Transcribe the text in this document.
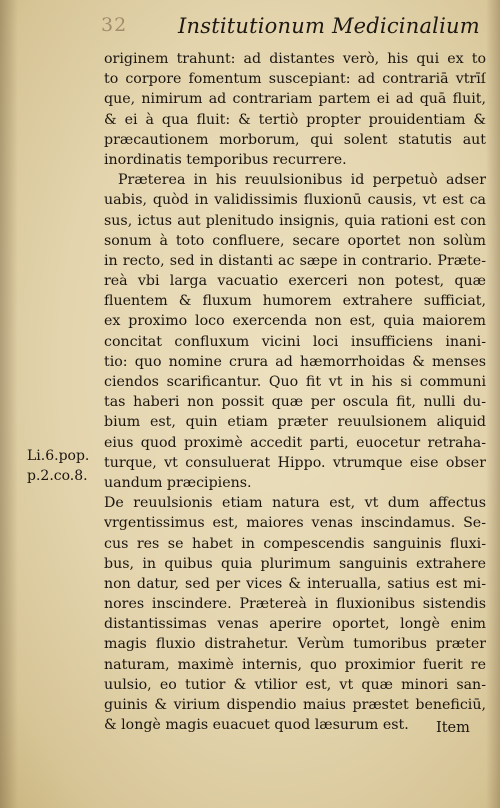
32 Institutionum Medicinalium
originem trahunt: ad distantes verò, his qui ex to
to corpore fomentum suscepiant: ad contrariā vtrīſ
que, nimirum ad contrariam partem ei ad quā fluit,
& ei à qua fluit: & tertiò propter prouidentiam &
præcautionem morborum, qui solent statutis aut
inordinatis temporibus recurrere.
Præterea in his reuulsionibus id perpetuò adser
uabis, quòd in validissimis fluxionū causis, vt est ca
sus, ictus aut plenitudo insignis, quia rationi est con
sonum à toto confluere, secare oportet non solùm
in recto, sed in distanti ac sæpe in contrario. Præte-
reà vbi larga vacuatio exerceri non potest, quæ
fluentem & fluxum humorem extrahere sufficiat,
ex proximo loco exercenda non est, quia maiorem
concitat confluxum vicini loci insufficiens inani-
tio: quo nomine crura ad hæmorrhoidas & menses
ciendos scarificantur. Quo fit vt in his si communi
tas haberi non possit quæ per oscula fit, nulli du-
bium est, quin etiam præter reuulsionem aliquid
eius quod proximè accedit parti, euocetur retraha-
turque, vt consuluerat Hippo. vtrumque eise obser
uandum præcipiens.
De reuulsionis etiam natura est, vt dum affectus
vrgentissimus est, maiores venas inscindamus. Se-
cus res se habet in compescendis sanguinis fluxi-
bus, in quibus quia plurimum sanguinis extrahere
non datur, sed per vices & interualla, satius est mi-
nores inscindere. Prætereà in fluxionibus sistendis
distantissimas venas aperire oportet, longè enim
magis fluxio distrahetur. Verùm tumoribus præter
naturam, maximè internis, quo proximior fuerit re
uulsio, eo tutior & vtilior est, vt quæ minori san-
guinis & virium dispendio maius præstet beneficiū,
& longè magis euacuet quod læsurum est.
Li.6.pop.
p.2.co.8.
Item
